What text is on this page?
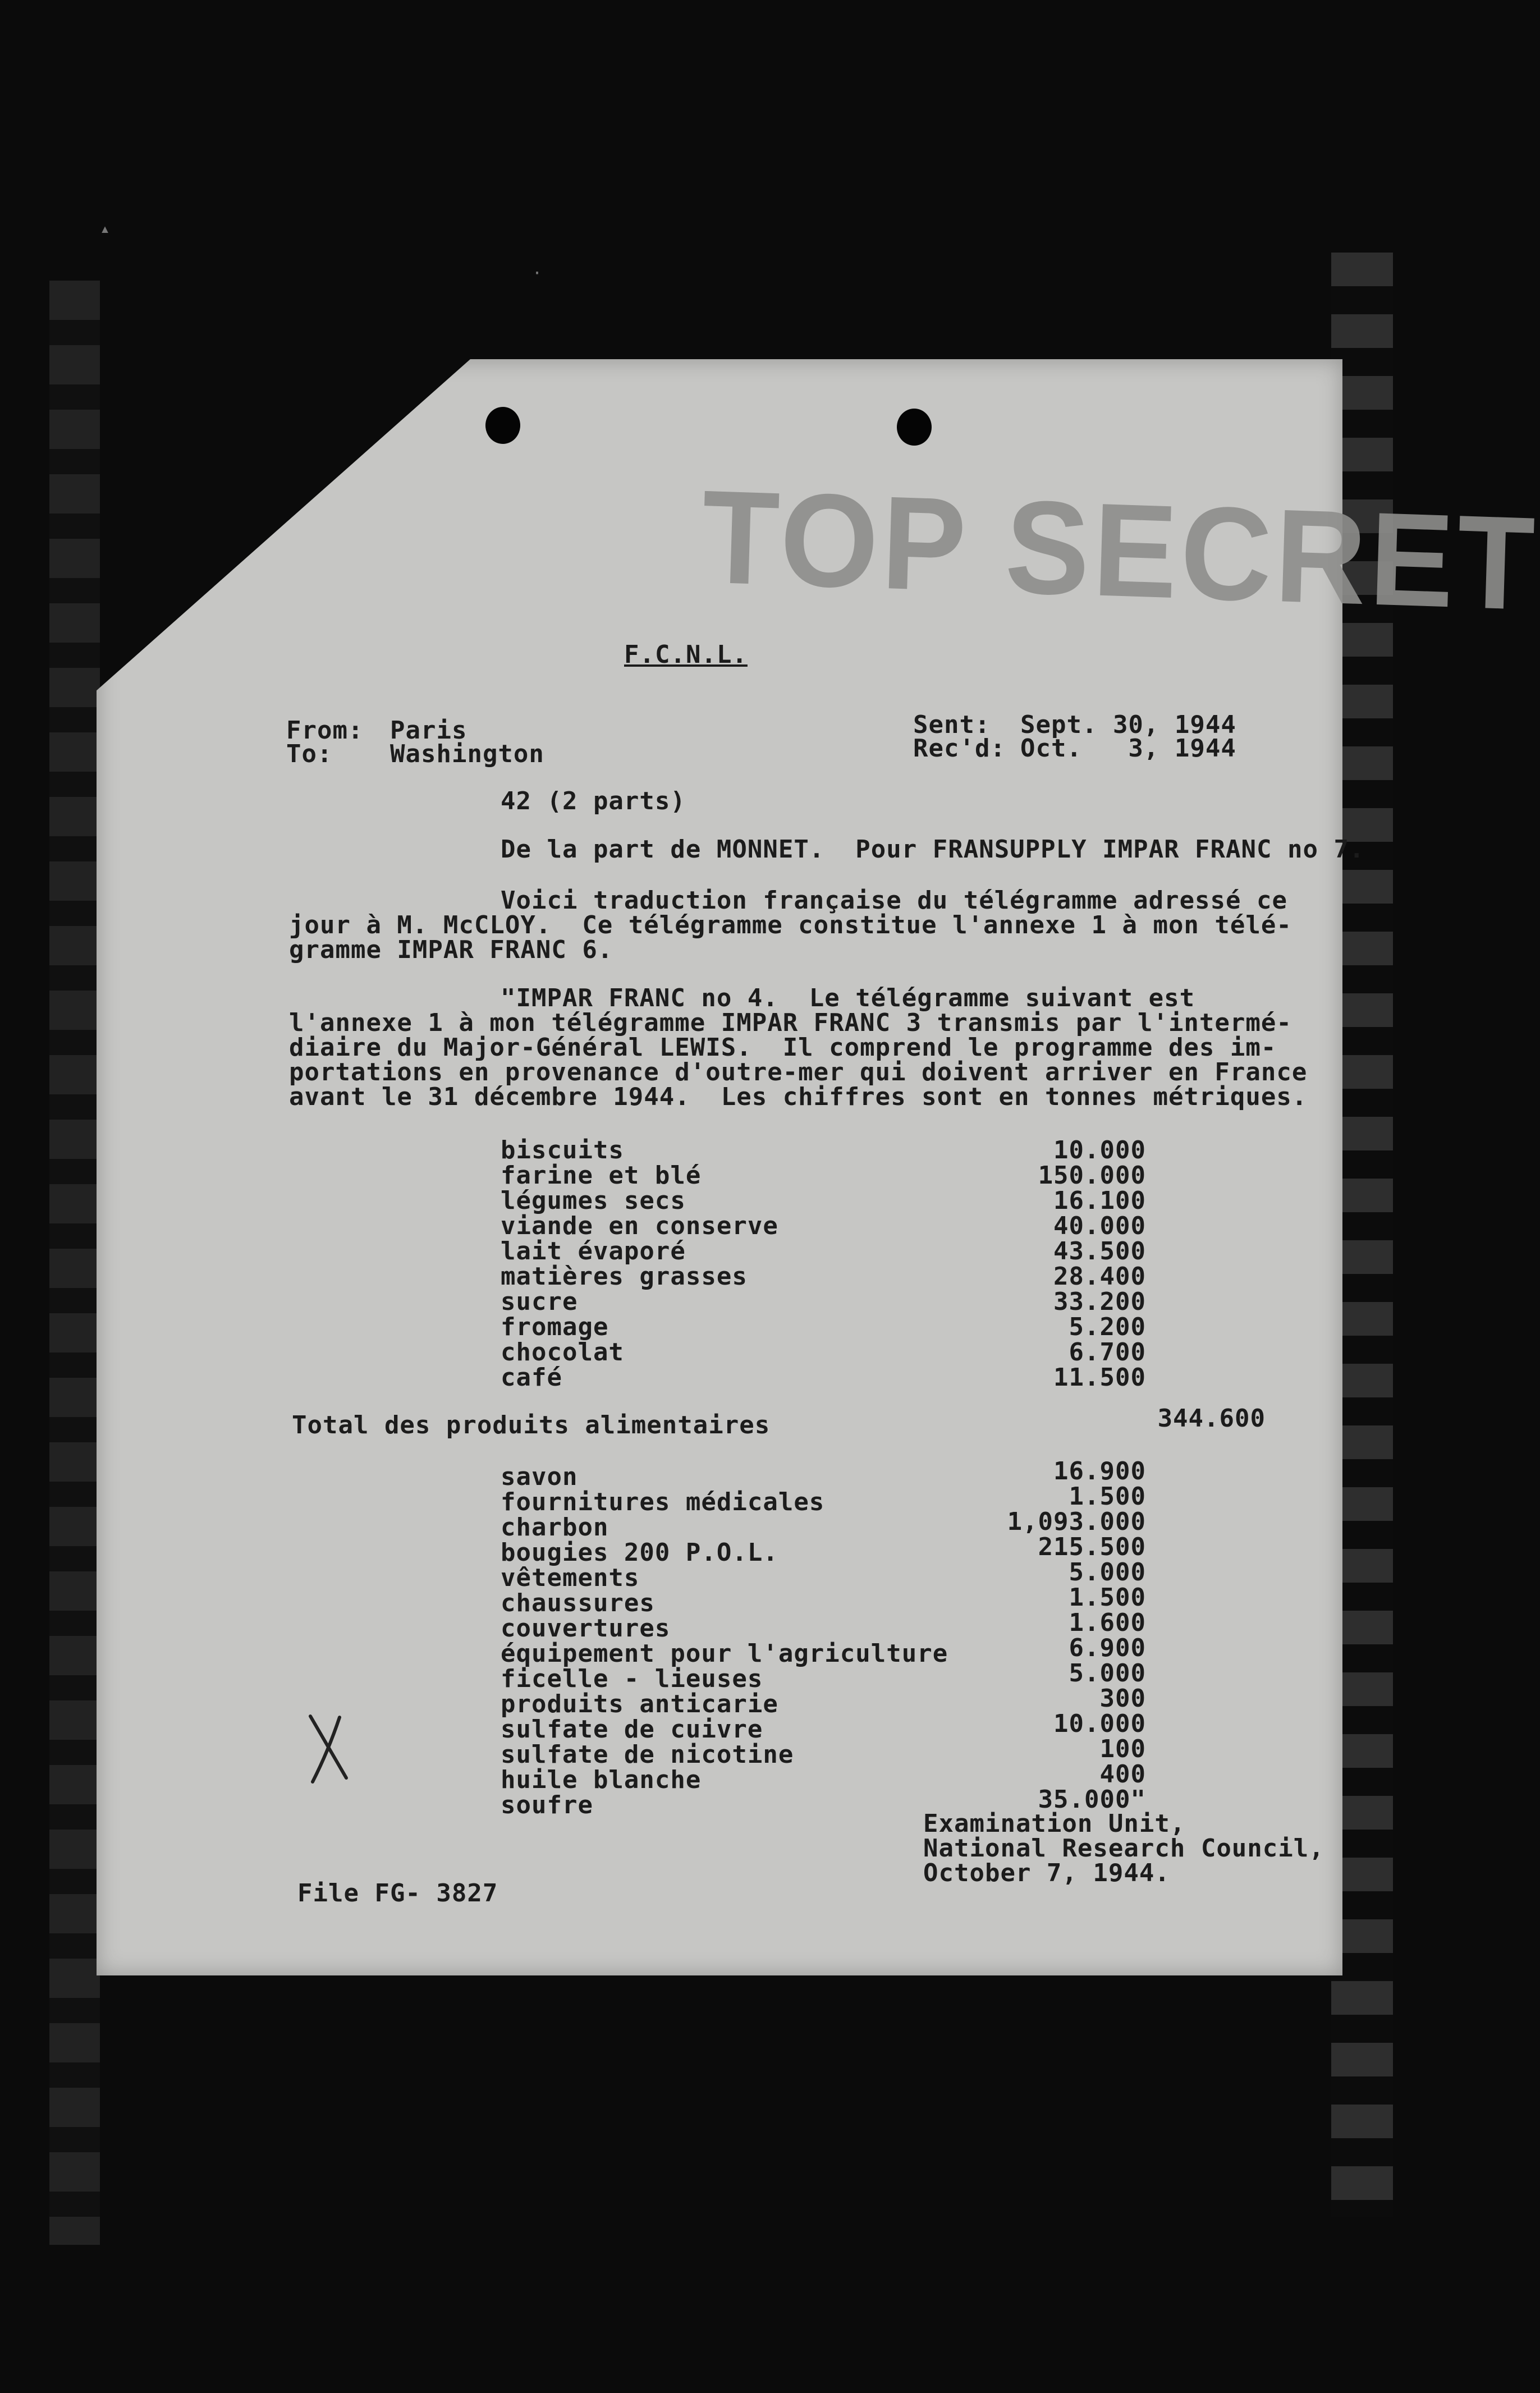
▴
·
TOP SECRET
F.C.N.L.
From: Paris
To: Washington
Sent: Sept. 30, 1944
Rec'd: Oct.   3, 1944
42 (2 parts)
De la part de MONNET.  Pour FRANSUPPLY IMPAR FRANC no 7.
Voici traduction française du télégramme adressé ce
jour à M. McCLOY.  Ce télégramme constitue l'annexe 1 à mon télé-
gramme IMPAR FRANC 6.
"IMPAR FRANC no 4.  Le télégramme suivant est
l'annexe 1 à mon télégramme IMPAR FRANC 3 transmis par l'intermé-
diaire du Major-Général LEWIS.  Il comprend le programme des im-
portations en provenance d'outre-mer qui doivent arriver en France
avant le 31 décembre 1944.  Les chiffres sont en tonnes métriques.
biscuits	10.000
farine et blé	150.000
légumes secs	16.100
viande en conserve	40.000
lait évaporé	43.500
matières grasses	28.400
sucre	33.200
fromage	5.200
chocolat	6.700
café	11.500
Total des produits alimentaires	344.600
savon	16.900
fournitures médicales	1.500
charbon	1,093.000
bougies 200 P.O.L.	215.500
vêtements	5.000
chaussures	1.500
couvertures	1.600
équipement pour l'agriculture	6.900
ficelle - lieuses	5.000
produits anticarie	300
sulfate de cuivre	10.000
sulfate de nicotine	100
huile blanche	400
soufre	35.000"
Examination Unit,
National Research Council,
October 7, 1944.
File FG- 3827
